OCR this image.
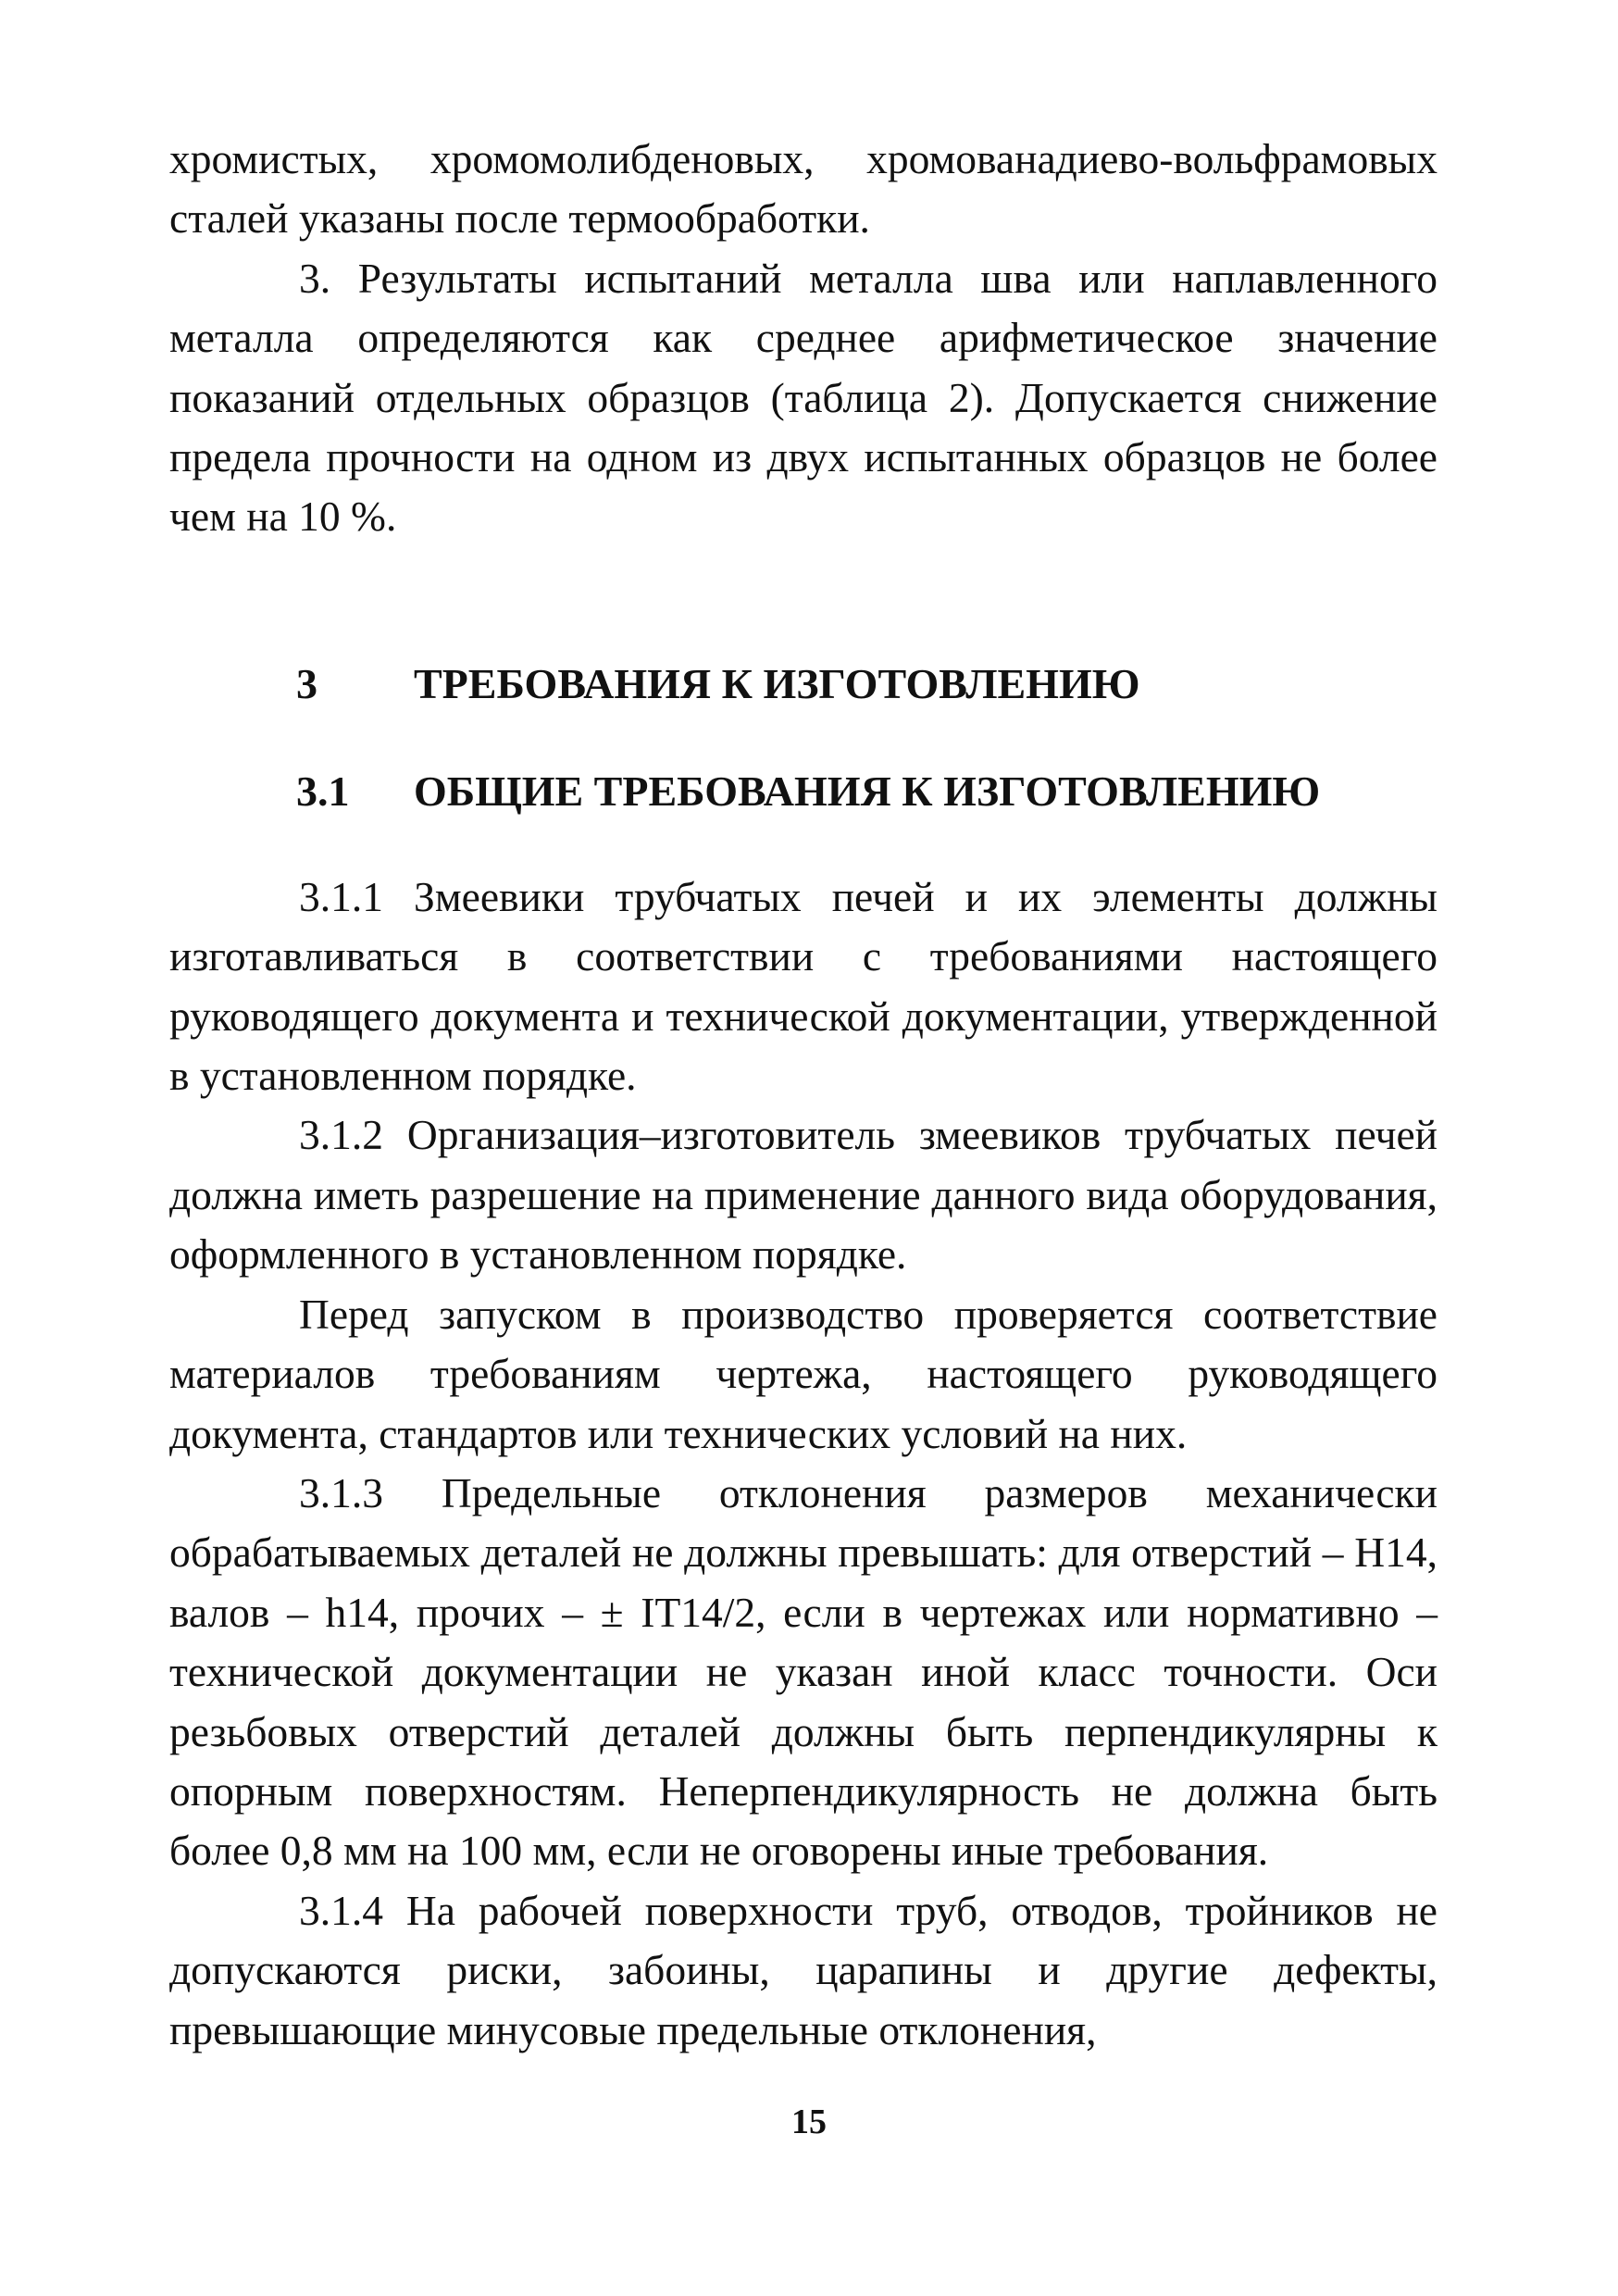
хромистых, хромомолибденовых, хромованадиево-вольфрамовых сталей указаны после термообработки.

3. Результаты испытаний металла шва или наплавленного металла определяются как среднее арифметическое значение показаний отдельных образцов (таблица 2). Допускается снижение предела прочности на одном из двух испытанных образцов не более чем на 10 %.

3	ТРЕБОВАНИЯ К ИЗГОТОВЛЕНИЮ
3.1	ОБЩИЕ ТРЕБОВАНИЯ К ИЗГОТОВЛЕНИЮ

3.1.1 Змеевики трубчатых печей и их элементы должны изготавливаться в соответствии с требованиями настоящего руководящего документа и технической документации, утвержденной в установленном порядке.

3.1.2 Организация–изготовитель змеевиков трубчатых печей должна иметь разрешение на применение данного вида оборудования, оформленного в установленном порядке.

Перед запуском в производство проверяется соответствие материалов требованиям чертежа, настоящего руководящего документа, стандартов или технических условий на них.

3.1.3 Предельные отклонения размеров механически обрабатываемых деталей не должны превышать: для отверстий – Н14, валов – h14, прочих – ± IT14/2, если в чертежах или нормативно – технической документации не указан иной класс точности. Оси резьбовых отверстий деталей должны быть перпендикулярны к опорным поверхностям. Неперпендикулярность не должна быть более 0,8 мм на 100 мм, если не оговорены иные требования.

3.1.4 На рабочей поверхности труб, отводов, тройников не допускаются риски, забоины, царапины и другие дефекты, превышающие минусовые предельные отклонения,

15
